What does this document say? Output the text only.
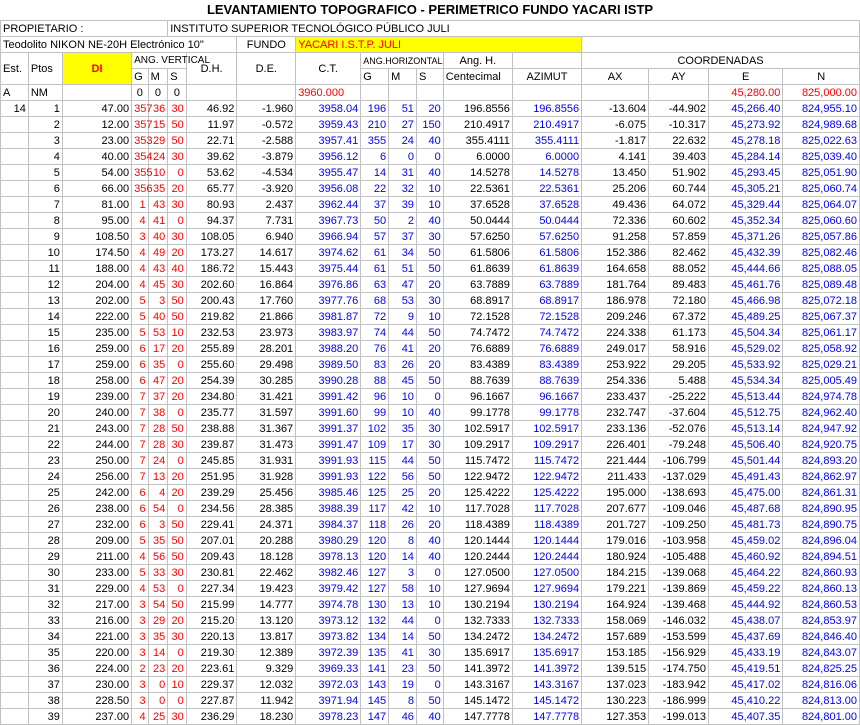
LEVANTAMIENTO TOPOGRAFICO - PERIMETRICO FUNDO YACARI ISTP																	
PROPIETARIO :					INSTITUTO SUPERIOR TECNOLÓGICO PÚBLICO JULI												
Teodolito NIKON NE-20H Electrónico 10"							FUNDO	YACARI I.S.T.P. JULI									
Est.	Ptos	DI	ANG. VERTICAL			D.H.	D.E.	C.T.	ANG.HORIZONTAL			Ang. H.		COORDENADAS			
			G	M	S				G	M	S	Centecimal	AZIMUT	AX	AY	E	N
A	NM		0	0	0			3960.000								45,280.00	825,000.00
14	1	47.00	357	36	30	46.92	-1.960	3958.04	196	51	20	196.8556	196.8556	-13.604	-44.902	45,266.40	824,955.10
	2	12.00	357	15	50	11.97	-0.572	3959.43	210	27	150	210.4917	210.4917	-6.075	-10.317	45,273.92	824,989.68
	3	23.00	353	29	50	22.71	-2.588	3957.41	355	24	40	355.4111	355.4111	-1.817	22.632	45,278.18	825,022.63
	4	40.00	354	24	30	39.62	-3.879	3956.12	6	0	0	6.0000	6.0000	4.141	39.403	45,284.14	825,039.40
	5	54.00	355	10	0	53.62	-4.534	3955.47	14	31	40	14.5278	14.5278	13.450	51.902	45,293.45	825,051.90
	6	66.00	356	35	20	65.77	-3.920	3956.08	22	32	10	22.5361	22.5361	25.206	60.744	45,305.21	825,060.74
	7	81.00	1	43	30	80.93	2.437	3962.44	37	39	10	37.6528	37.6528	49.436	64.072	45,329.44	825,064.07
	8	95.00	4	41	0	94.37	7.731	3967.73	50	2	40	50.0444	50.0444	72.336	60.602	45,352.34	825,060.60
	9	108.50	3	40	30	108.05	6.940	3966.94	57	37	30	57.6250	57.6250	91.258	57.859	45,371.26	825,057.86
	10	174.50	4	49	20	173.27	14.617	3974.62	61	34	50	61.5806	61.5806	152.386	82.462	45,432.39	825,082.46
	11	188.00	4	43	40	186.72	15.443	3975.44	61	51	50	61.8639	61.8639	164.658	88.052	45,444.66	825,088.05
	12	204.00	4	45	30	202.60	16.864	3976.86	63	47	20	63.7889	63.7889	181.764	89.483	45,461.76	825,089.48
	13	202.00	5	3	50	200.43	17.760	3977.76	68	53	30	68.8917	68.8917	186.978	72.180	45,466.98	825,072.18
	14	222.00	5	40	50	219.82	21.866	3981.87	72	9	10	72.1528	72.1528	209.246	67.372	45,489.25	825,067.37
	15	235.00	5	53	10	232.53	23.973	3983.97	74	44	50	74.7472	74.7472	224.338	61.173	45,504.34	825,061.17
	16	259.00	6	17	20	255.89	28.201	3988.20	76	41	20	76.6889	76.6889	249.017	58.916	45,529.02	825,058.92
	17	259.00	6	35	0	255.60	29.498	3989.50	83	26	20	83.4389	83.4389	253.922	29.205	45,533.92	825,029.21
	18	258.00	6	47	20	254.39	30.285	3990.28	88	45	50	88.7639	88.7639	254.336	5.488	45,534.34	825,005.49
	19	239.00	7	37	20	234.80	31.421	3991.42	96	10	0	96.1667	96.1667	233.437	-25.222	45,513.44	824,974.78
	20	240.00	7	38	0	235.77	31.597	3991.60	99	10	40	99.1778	99.1778	232.747	-37.604	45,512.75	824,962.40
	21	243.00	7	28	50	238.88	31.367	3991.37	102	35	30	102.5917	102.5917	233.136	-52.076	45,513.14	824,947.92
	22	244.00	7	28	30	239.87	31.473	3991.47	109	17	30	109.2917	109.2917	226.401	-79.248	45,506.40	824,920.75
	23	250.00	7	24	0	245.85	31.931	3991.93	115	44	50	115.7472	115.7472	221.444	-106.799	45,501.44	824,893.20
	24	256.00	7	13	20	251.95	31.928	3991.93	122	56	50	122.9472	122.9472	211.433	-137.029	45,491.43	824,862.97
	25	242.00	6	4	20	239.29	25.456	3985.46	125	25	20	125.4222	125.4222	195.000	-138.693	45,475.00	824,861.31
	26	238.00	6	54	0	234.56	28.385	3988.39	117	42	10	117.7028	117.7028	207.677	-109.046	45,487.68	824,890.95
	27	232.00	6	3	50	229.41	24.371	3984.37	118	26	20	118.4389	118.4389	201.727	-109.250	45,481.73	824,890.75
	28	209.00	5	35	50	207.01	20.288	3980.29	120	8	40	120.1444	120.1444	179.016	-103.958	45,459.02	824,896.04
	29	211.00	4	56	50	209.43	18.128	3978.13	120	14	40	120.2444	120.2444	180.924	-105.488	45,460.92	824,894.51
	30	233.00	5	33	30	230.81	22.462	3982.46	127	3	0	127.0500	127.0500	184.215	-139.068	45,464.22	824,860.93
	31	229.00	4	53	0	227.34	19.423	3979.42	127	58	10	127.9694	127.9694	179.221	-139.869	45,459.22	824,860.13
	32	217.00	3	54	50	215.99	14.777	3974.78	130	13	10	130.2194	130.2194	164.924	-139.468	45,444.92	824,860.53
	33	216.00	3	29	20	215.20	13.120	3973.12	132	44	0	132.7333	132.7333	158.069	-146.032	45,438.07	824,853.97
	34	221.00	3	35	30	220.13	13.817	3973.82	134	14	50	134.2472	134.2472	157.689	-153.599	45,437.69	824,846.40
	35	220.00	3	14	0	219.30	12.389	3972.39	135	41	30	135.6917	135.6917	153.185	-156.929	45,433.19	824,843.07
	36	224.00	2	23	20	223.61	9.329	3969.33	141	23	50	141.3972	141.3972	139.515	-174.750	45,419.51	824,825.25
	37	230.00	3	0	10	229.37	12.032	3972.03	143	19	0	143.3167	143.3167	137.023	-183.942	45,417.02	824,816.06
	38	228.50	3	0	0	227.87	11.942	3971.94	145	8	50	145.1472	145.1472	130.223	-186.999	45,410.22	824,813.00
	39	237.00	4	25	30	236.29	18.230	3978.23	147	46	40	147.7778	147.7778	127.353	-199.013	45,407.35	824,801.00
